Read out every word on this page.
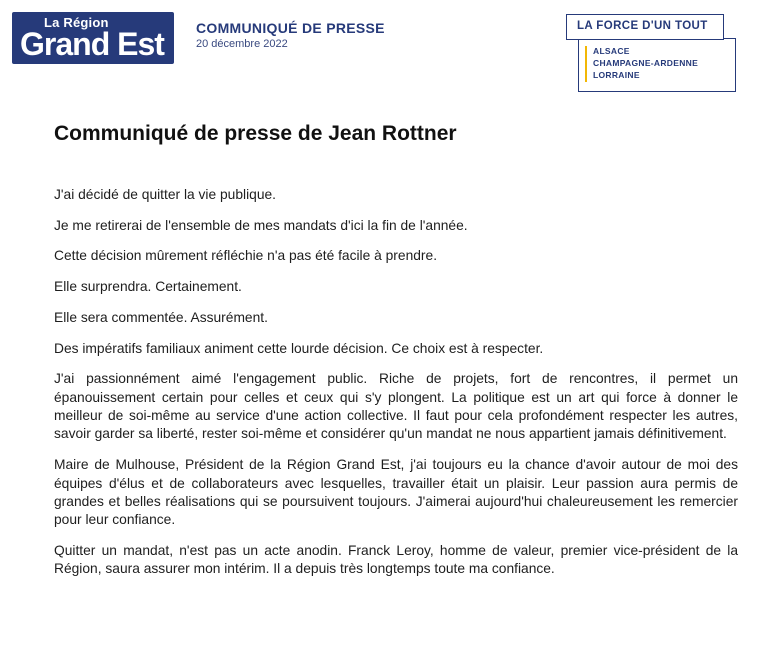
La Région
Grand Est COMMUNIQUÉ DE PRESSE
20 décembre 2022
ALSACE
CHAMPAGNE-ARDENNE
LORRAINE
LA FORCE D'UN TOUT
Communiqué de presse de Jean Rottner

J'ai décidé de quitter la vie publique.

Je me retirerai de l'ensemble de mes mandats d'ici la fin de l'année.

Cette décision mûrement réfléchie n'a pas été facile à prendre.

Elle surprendra. Certainement.

Elle sera commentée. Assurément.

Des impératifs familiaux animent cette lourde décision. Ce choix est à respecter.

J'ai passionnément aimé l'engagement public. Riche de projets, fort de rencontres, il permet un épanouissement certain pour celles et ceux qui s'y plongent. La politique est un art qui force à donner le meilleur de soi-même au service d'une action collective. Il faut pour cela profondément respecter les autres, savoir garder sa liberté, rester soi-même et considérer qu'un mandat ne nous appartient jamais définitivement.

Maire de Mulhouse, Président de la Région Grand Est, j'ai toujours eu la chance d'avoir autour de moi des équipes d'élus et de collaborateurs avec lesquelles, travailler était un plaisir. Leur passion aura permis de grandes et belles réalisations qui se poursuivent toujours. J'aimerai aujourd'hui chaleureusement les remercier pour leur confiance.

Quitter un mandat, n'est pas un acte anodin. Franck Leroy, homme de valeur, premier vice-président de la Région, saura assurer mon intérim. Il a depuis très longtemps toute ma confiance.
